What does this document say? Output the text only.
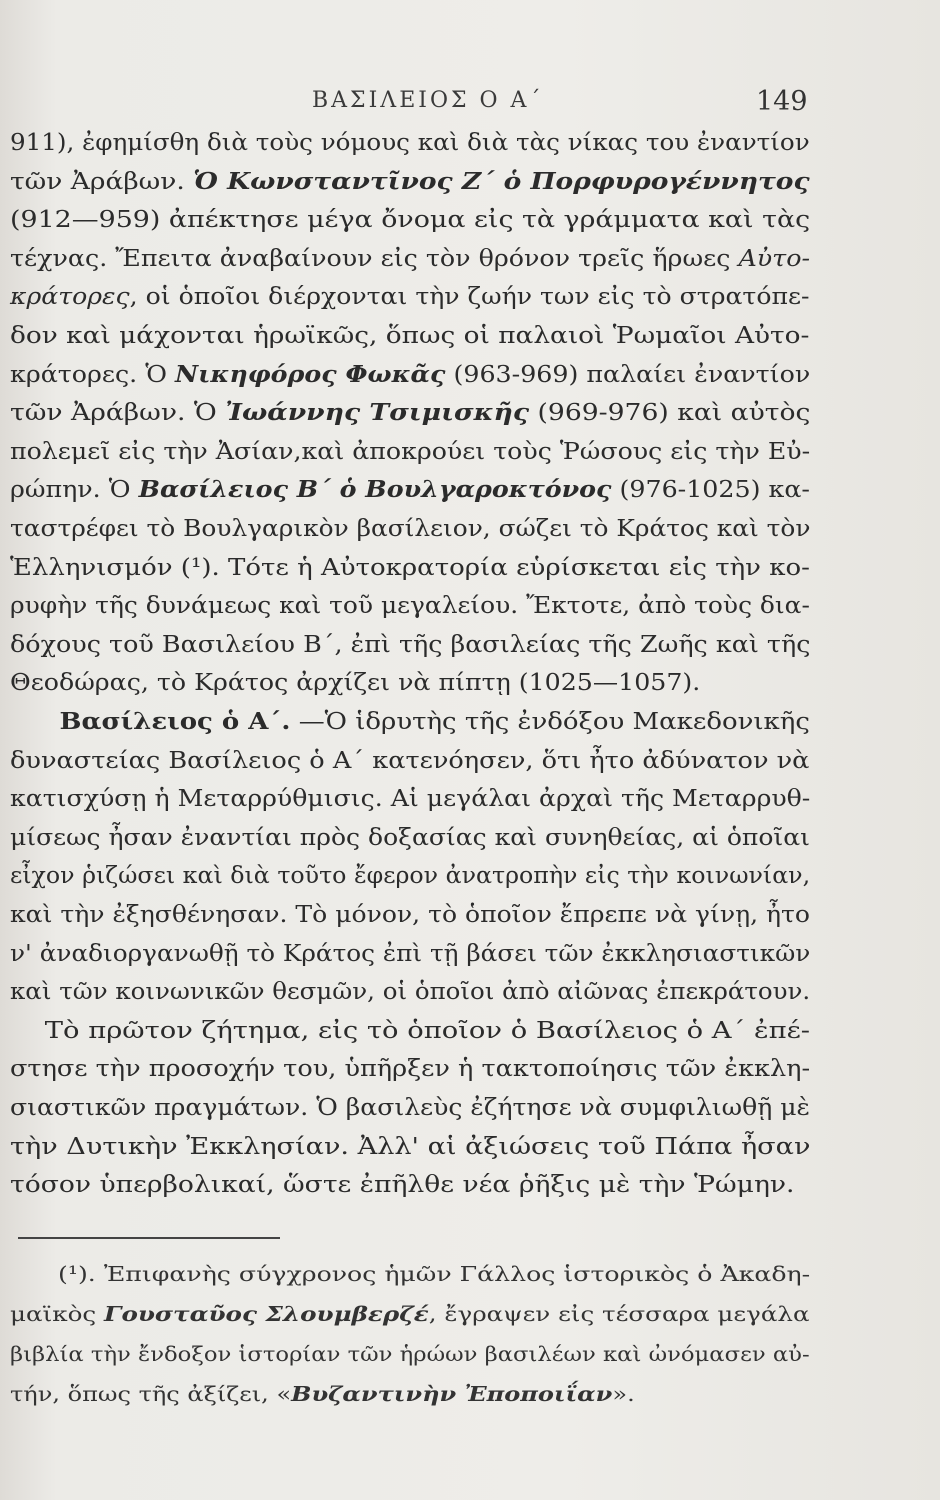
ΒΑΣΙΛΕΙΟΣ Ο Α΄	149
911), ἐφημίσθη διὰ τοὺς νόμους καὶ διὰ τὰς νίκας του ἐναντίον
τῶν Ἀράβων. Ὁ Κωνσταντῖνος Ζ΄ ὁ Πορφυρογέννητος
(912—959) ἀπέκτησε μέγα ὄνομα εἰς τὰ γράμματα καὶ τὰς
τέχνας. Ἔπειτα ἀναβαίνουν εἰς τὸν θρόνον τρεῖς ἥρωες Αὐτο-
κράτορες, οἱ ὁποῖοι διέρχονται τὴν ζωήν των εἰς τὸ στρατόπε-
δον καὶ μάχονται ἡρωϊκῶς, ὅπως οἱ παλαιοὶ Ῥωμαῖοι Αὐτο-
κράτορες. Ὁ Νικηφόρος Φωκᾶς (963-969) παλαίει ἐναντίον
τῶν Ἀράβων. Ὁ Ἰωάννης Τσιμισκῆς (969-976) καὶ αὐτὸς
πολεμεῖ εἰς τὴν Ἀσίαν,καὶ ἀποκρούει τοὺς Ῥώσους εἰς τὴν Εὐ-
ρώπην. Ὁ Βασίλειος Β΄ ὁ Βουλγαροκτόνος (976-1025) κα-
ταστρέφει τὸ Βουλγαρικὸν βασίλειον, σώζει τὸ Κράτος καὶ τὸν
Ἑλληνισμόν (¹). Τότε ἡ Αὐτοκρατορία εὑρίσκεται εἰς τὴν κο-
ρυφὴν τῆς δυνάμεως καὶ τοῦ μεγαλείου. Ἔκτοτε, ἀπὸ τοὺς δια-
δόχους τοῦ Βασιλείου Β΄, ἐπὶ τῆς βασιλείας τῆς Ζωῆς καὶ τῆς
Θεοδώρας, τὸ Κράτος ἀρχίζει νὰ πίπτῃ (1025—1057).
Βασίλειος ὁ Α΄. —Ὁ ἱδρυτὴς τῆς ἐνδόξου Μακεδονικῆς
δυναστείας Βασίλειος ὁ Α΄ κατενόησεν, ὅτι ἦτο ἀδύνατον νὰ
κατισχύσῃ ἡ Μεταρρύθμισις. Αἱ μεγάλαι ἀρχαὶ τῆς Μεταρρυθ-
μίσεως ἦσαν ἐναντίαι πρὸς δοξασίας καὶ συνηθείας, αἱ ὁποῖαι
εἶχον ῥιζώσει καὶ διὰ τοῦτο ἔφερον ἀνατροπὴν εἰς τὴν κοινωνίαν,
καὶ τὴν ἐξησθένησαν. Τὸ μόνον, τὸ ὁποῖον ἔπρεπε νὰ γίνῃ, ἦτο
ν' ἀναδιοργανωθῇ τὸ Κράτος ἐπὶ τῇ βάσει τῶν ἐκκλησιαστικῶν
καὶ τῶν κοινωνικῶν θεσμῶν, οἱ ὁποῖοι ἀπὸ αἰῶνας ἐπεκράτουν.
Τὸ πρῶτον ζήτημα, εἰς τὸ ὁποῖον ὁ Βασίλειος ὁ Α΄ ἐπέ-
στησε τὴν προσοχήν του, ὑπῆρξεν ἡ τακτοποίησις τῶν ἐκκλη-
σιαστικῶν πραγμάτων. Ὁ βασιλεὺς ἐζήτησε νὰ συμφιλιωθῇ μὲ
τὴν Δυτικὴν Ἐκκλησίαν. Ἀλλ' αἱ ἀξιώσεις τοῦ Πάπα ἦσαν
τόσον ὑπερβολικαί, ὥστε ἐπῆλθε νέα ῥῆξις μὲ τὴν Ῥώμην.
(¹). Ἐπιφανὴς σύγχρονος ἡμῶν Γάλλος ἱστορικὸς ὁ Ἀκαδη-
μαϊκὸς Γουσταῦος Σλουμβερζέ, ἔγραψεν εἰς τέσσαρα μεγάλα
βιβλία τὴν ἔνδοξον ἱστορίαν τῶν ἡρώων βασιλέων καὶ ὠνόμασεν αὐ-
τήν, ὅπως τῆς ἀξίζει, «Βυζαντινὴν Ἐποποιΐαν».
